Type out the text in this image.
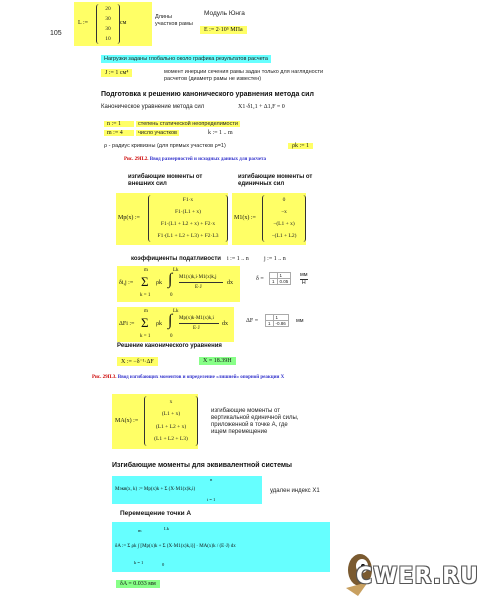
105
L :=
20
30
30
10
см
Длины участков рамы
Модуль Юнга
E := 2·10⁵ МПа
Нагрузки заданы глобально около графика результатов расчета
J := 1 см⁴	момент инерции сечения рамы задан только для наглядности расчетов (диаметр рамы не известен)
Подготовка к решению канонического уравнения метода сил
Каноническое уравнение метода сил	X1·δ1,1 + Δ1,F = 0
n := 1
m := 4
степень статической неопределимости
число участков	k := 1 .. m
ρ - радиус кривизны (для прямых участков ρ=1)	ρk := 1
Рис. 29П.2. Ввод размерностей и исходных данных для расчета
изгибающие моменты от внешних сил
изгибающие моменты от единичных сил
Mp(x) :=
F1·x
F1·(L1 + x)
F1·(L1 + L2 + x) + F2·x
F1·(L1 + L2 + L3) + F2·L3
M1(x) :=
0
−x
−(L1 + x)
−(L1 + L2)
коэффициенты податливости i := 1 .. n	j := 1 .. n
δi,j :=
m
Σ
k = 1
ρk
Lk
∫
0
M1(x)k,i·M1(x)k,j
E·J
dx
δ =
	1
1	0.05
мм
Н
ΔFi :=
m
Σ
k = 1
ρk
Lk
∫
0
Mp(x)k·M1(x)k,i
E·J
dx	ΔF =
	1
1	-0.86 мм
Решение канонического уравнения
X := −δ⁻¹·ΔF	X = 18.39Н
Рис. 29П.3. Ввод изгибающих моментов и определение «лишней» опорной реакции X
MA(x) :=
x
(L1 + x)
(L1 + L2 + x)
(L1 + L2 + L3)
изгибающие моменты от вертикальной единичной силы, приложенной в точке А, где ищем перемещение
Изгибающие моменты для эквивалентной системы
Mэкв(x, k) := Mp(x)k + Σ (X·M1(x)k,i)
n
i = 1
удален индекс X1
Перемещение точки А
δA := Σ ρk ∫ [Mp(x)k + Σ (X·M1(x)k,i)] · MA(x)k / (E·J) dx
m
k = 1
Lk
0
δA = 0.033 мм	CWER.RU
